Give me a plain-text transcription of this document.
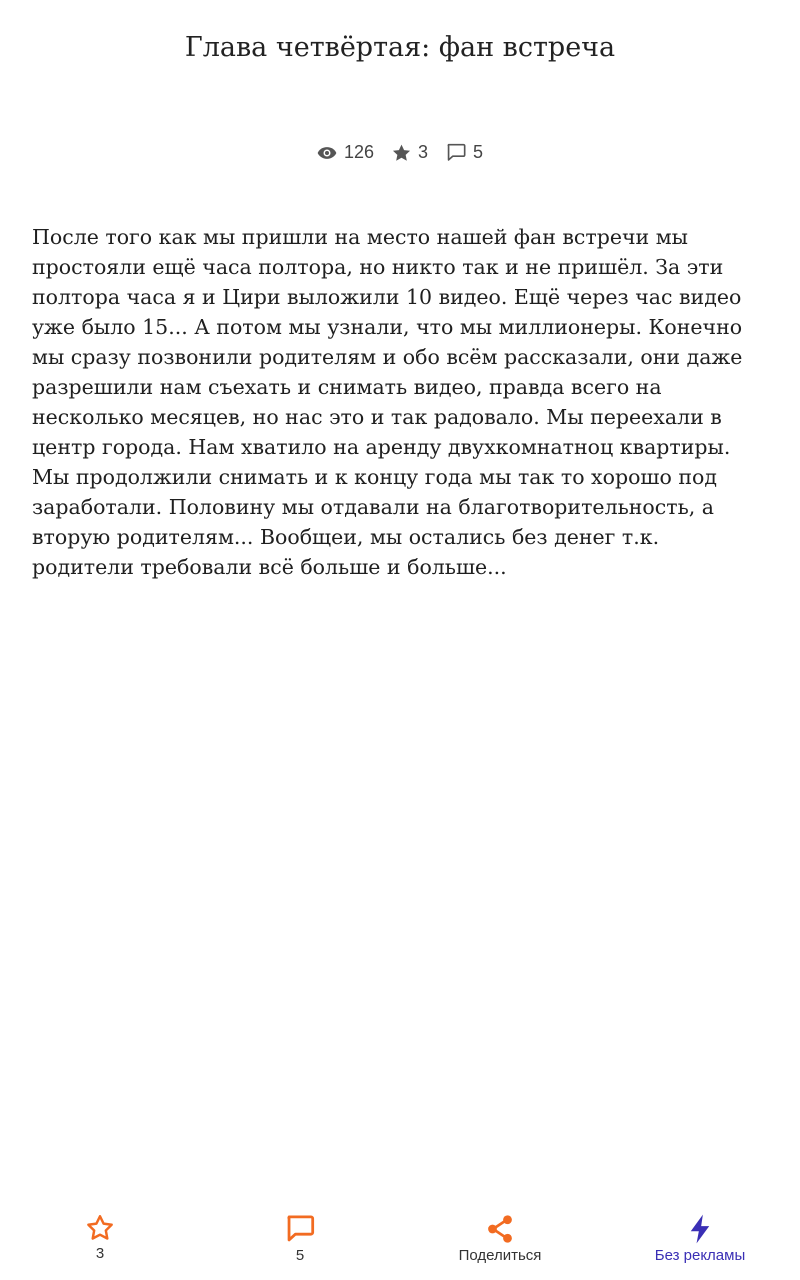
Глава четвёртая: фан встреча
126 3	5

После того как мы пришли на место нашей фан встречи мы простояли ещё часа полтора, но никто так и не пришёл. За эти полтора часа я и Цири выложили 10 видео. Ещё через час видео уже было 15... А потом мы узнали, что мы миллионеры. Конечно мы сразу позвонили родителям и обо всём рассказали, они даже разрешили нам съехать и снимать видео, правда всего на несколько месяцев, но нас это и так радовало. Мы переехали в центр города. Нам хватило на аренду двухкомнатноц квартиры. Мы продолжили снимать и к концу года мы так то хорошо под заработали. Половину мы отдавали на благотворительность, а вторую родителям... Вообщеи, мы остались без денег т.к. родители требовали всё больше и больше...

3	5	Поделиться	Без рекламы
